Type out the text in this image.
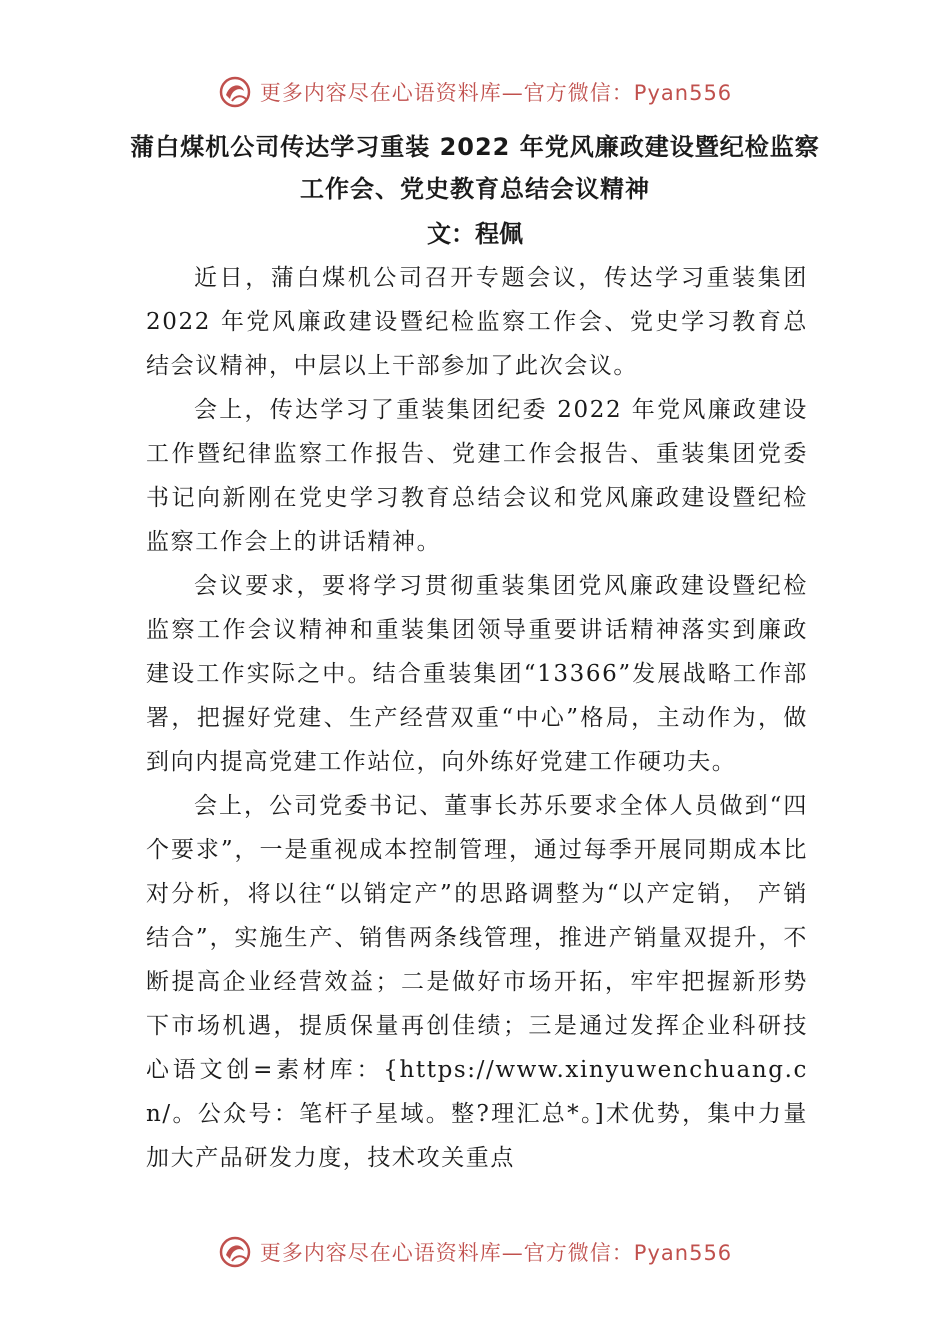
更多内容尽在心语资料库—官方微信：Pyan556
蒲白煤机公司传达学习重装 2022 年党风廉政建设暨纪检监察工作会、党史教育总结会议精神
文：程佩

近日，蒲白煤机公司召开专题会议，传达学习重装集团 2022 年党风廉政建设暨纪检监察工作会、党史学习教育总结会议精神，中层以上干部参加了此次会议。

会上，传达学习了重装集团纪委 2022 年党风廉政建设工作暨纪律监察工作报告、党建工作会报告、重装集团党委书记向新刚在党史学习教育总结会议和党风廉政建设暨纪检监察工作会上的讲话精神。

会议要求，要将学习贯彻重装集团党风廉政建设暨纪检监察工作会议精神和重装集团领导重要讲话精神落实到廉政建设工作实际之中。结合重装集团“13366”发展战略工作部署，把握好党建、生产经营双重“中心”格局，主动作为，做到向内提高党建工作站位，向外练好党建工作硬功夫。

会上，公司党委书记、董事长苏乐要求全体人员做到“四个要求”，一是重视成本控制管理，通过每季开展同期成本比对分析，将以往“以销定产”的思路调整为“以产定销， 产销结合”，实施生产、销售两条线管理，推进产销量双提升，不断提高企业经营效益；二是做好市场开拓，牢牢把握新形势下市场机遇，提质保量再创佳绩；三是通过发挥企业科研技心语文创=素材库：{https://www.xinyuwenchuang.cn/。公众号：笔杆子星域。整?理汇总*。]术优势，集中力量加大产品研发力度，技术攻关重点

更多内容尽在心语资料库—官方微信：Pyan556
